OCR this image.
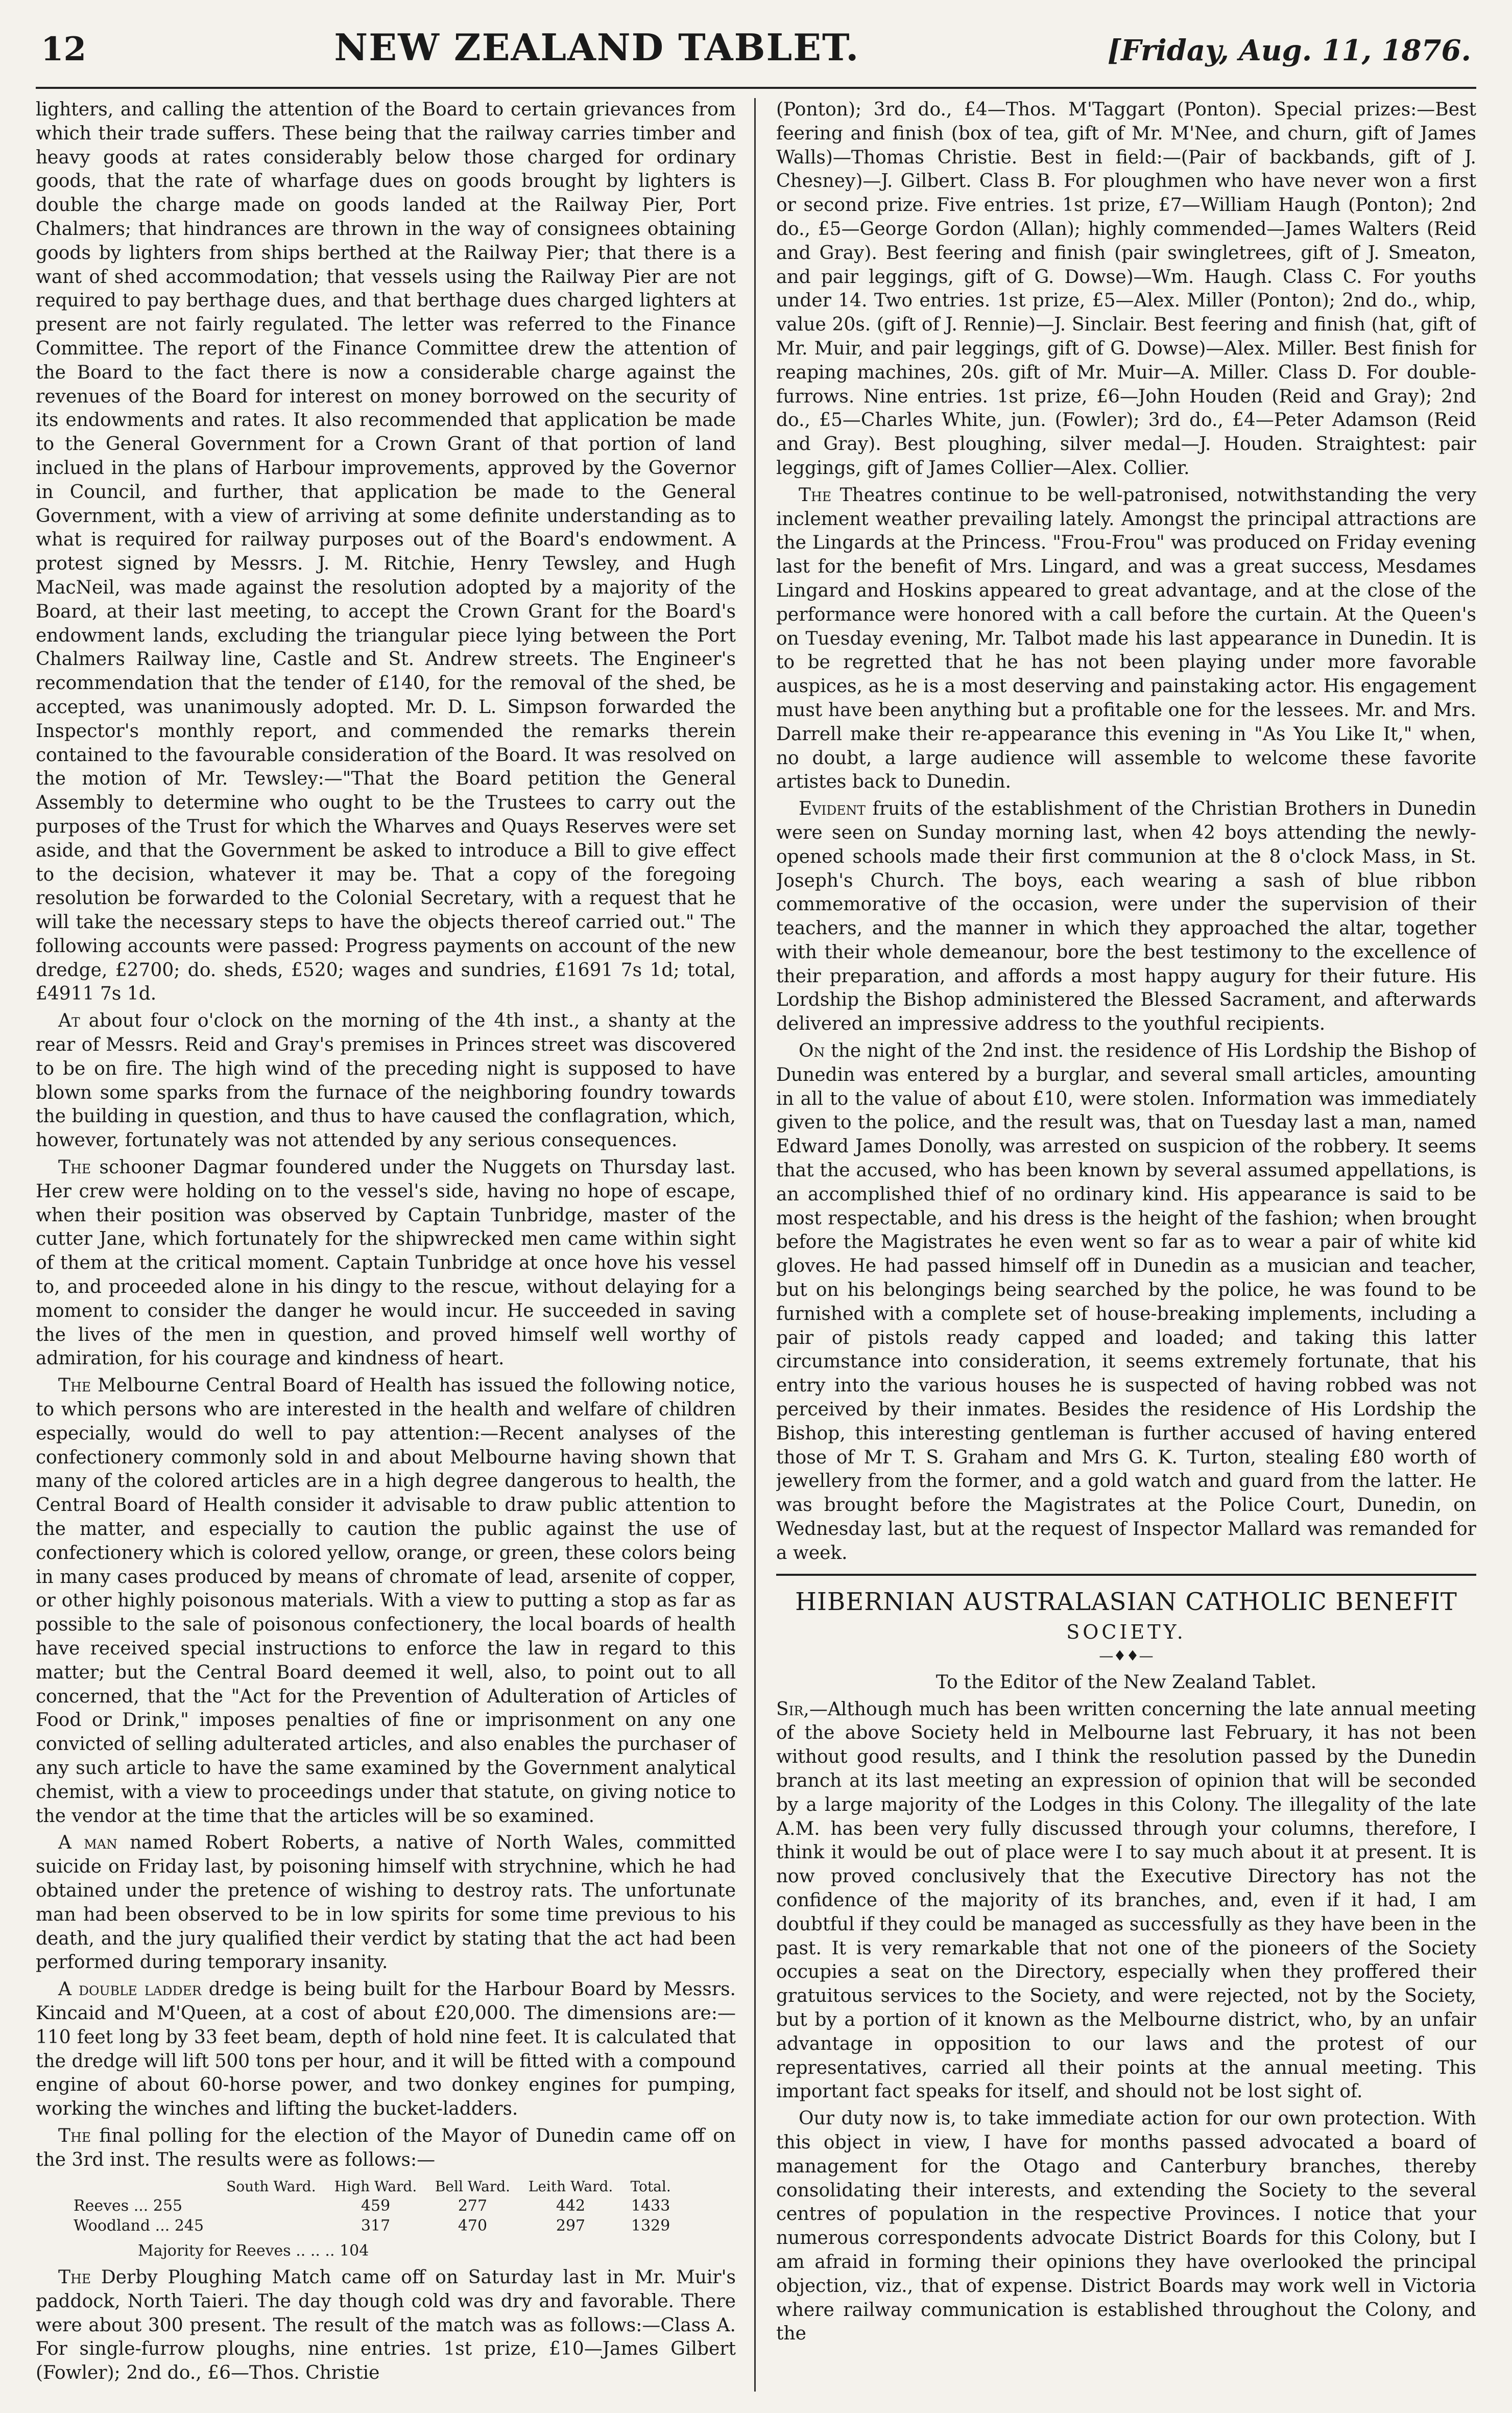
12	NEW ZEALAND TABLET.	[Friday, Aug. 11, 1876.

lighters, and calling the attention of the Board to certain grievances from which their trade suffers. These being that the railway carries timber and heavy goods at rates considerably below those charged for ordinary goods, that the rate of wharfage dues on goods brought by lighters is double the charge made on goods landed at the Railway Pier, Port Chalmers; that hindrances are thrown in the way of consignees obtaining goods by lighters from ships berthed at the Railway Pier; that there is a want of shed accommodation; that vessels using the Railway Pier are not required to pay berthage dues, and that berthage dues charged lighters at present are not fairly regulated. The letter was referred to the Finance Committee. The report of the Finance Committee drew the attention of the Board to the fact there is now a considerable charge against the revenues of the Board for interest on money borrowed on the security of its endowments and rates. It also recommended that application be made to the General Government for a Crown Grant of that portion of land inclued in the plans of Harbour improvements, approved by the Governor in Council, and further, that application be made to the General Government, with a view of arriving at some definite understanding as to what is required for railway purposes out of the Board's endowment. A protest signed by Messrs. J. M. Ritchie, Henry Tewsley, and Hugh MacNeil, was made against the resolution adopted by a majority of the Board, at their last meeting, to accept the Crown Grant for the Board's endowment lands, excluding the triangular piece lying between the Port Chalmers Railway line, Castle and St. Andrew streets. The Engineer's recommendation that the tender of £140, for the removal of the shed, be accepted, was unanimously adopted. Mr. D. L. Simpson forwarded the Inspector's monthly report, and commended the remarks therein contained to the favourable consideration of the Board. It was resolved on the motion of Mr. Tewsley:—"That the Board petition the General Assembly to determine who ought to be the Trustees to carry out the purposes of the Trust for which the Wharves and Quays Reserves were set aside, and that the Government be asked to introduce a Bill to give effect to the decision, whatever it may be. That a copy of the foregoing resolution be forwarded to the Colonial Secretary, with a request that he will take the necessary steps to have the objects thereof carried out." The following accounts were passed: Progress payments on account of the new dredge, £2700; do. sheds, £520; wages and sundries, £1691 7s 1d; total, £4911 7s 1d.

At about four o'clock on the morning of the 4th inst., a shanty at the rear of Messrs. Reid and Gray's premises in Princes street was discovered to be on fire. The high wind of the preceding night is supposed to have blown some sparks from the furnace of the neighboring foundry towards the building in question, and thus to have caused the conflagration, which, however, fortunately was not attended by any serious consequences.

The schooner Dagmar foundered under the Nuggets on Thursday last. Her crew were holding on to the vessel's side, having no hope of escape, when their position was observed by Captain Tunbridge, master of the cutter Jane, which fortunately for the shipwrecked men came within sight of them at the critical moment. Captain Tunbridge at once hove his vessel to, and proceeded alone in his dingy to the rescue, without delaying for a moment to consider the danger he would incur. He succeeded in saving the lives of the men in question, and proved himself well worthy of admiration, for his courage and kindness of heart.

The Melbourne Central Board of Health has issued the following notice, to which persons who are interested in the health and welfare of children especially, would do well to pay attention:—Recent analyses of the confectionery commonly sold in and about Melbourne having shown that many of the colored articles are in a high degree dangerous to health, the Central Board of Health consider it advisable to draw public attention to the matter, and especially to caution the public against the use of confectionery which is colored yellow, orange, or green, these colors being in many cases produced by means of chromate of lead, arsenite of copper, or other highly poisonous materials. With a view to putting a stop as far as possible to the sale of poisonous confectionery, the local boards of health have received special instructions to enforce the law in regard to this matter; but the Central Board deemed it well, also, to point out to all concerned, that the "Act for the Prevention of Adulteration of Articles of Food or Drink," imposes penalties of fine or imprisonment on any one convicted of selling adulterated articles, and also enables the purchaser of any such article to have the same examined by the Government analytical chemist, with a view to proceedings under that statute, on giving notice to the vendor at the time that the articles will be so examined.

A man named Robert Roberts, a native of North Wales, committed suicide on Friday last, by poisoning himself with strychnine, which he had obtained under the pretence of wishing to destroy rats. The unfortunate man had been observed to be in low spirits for some time previous to his death, and the jury qualified their verdict by stating that the act had been performed during temporary insanity.

A double ladder dredge is being built for the Harbour Board by Messrs. Kincaid and M'Queen, at a cost of about £20,000. The dimensions are:—110 feet long by 33 feet beam, depth of hold nine feet. It is calculated that the dredge will lift 500 tons per hour, and it will be fitted with a compound engine of about 60-horse power, and two donkey engines for pumping, working the winches and lifting the bucket-ladders.

The final polling for the election of the Mayor of Dunedin came off on the 3rd inst. The results were as follows:—

	South Ward.	High Ward.	Bell Ward.	Leith Ward.	Total.
Reeves ... 255		459	277	442	1433
Woodland ... 245		317	470	297	1329
Majority for Reeves .. .. .. 104

The Derby Ploughing Match came off on Saturday last in Mr. Muir's paddock, North Taieri. The day though cold was dry and favorable. There were about 300 present. The result of the match was as follows:—Class A. For single-furrow ploughs, nine entries. 1st prize, £10—James Gilbert (Fowler); 2nd do., £6—Thos. Christie

(Ponton); 3rd do., £4—Thos. M'Taggart (Ponton). Special prizes:—Best feering and finish (box of tea, gift of Mr. M'Nee, and churn, gift of James Walls)—Thomas Christie. Best in field:—(Pair of backbands, gift of J. Chesney)—J. Gilbert. Class B. For ploughmen who have never won a first or second prize. Five entries. 1st prize, £7—William Haugh (Ponton); 2nd do., £5—George Gordon (Allan); highly commended—James Walters (Reid and Gray). Best feering and finish (pair swingletrees, gift of J. Smeaton, and pair leggings, gift of G. Dowse)—Wm. Haugh. Class C. For youths under 14. Two entries. 1st prize, £5—Alex. Miller (Ponton); 2nd do., whip, value 20s. (gift of J. Rennie)—J. Sinclair. Best feering and finish (hat, gift of Mr. Muir, and pair leggings, gift of G. Dowse)—Alex. Miller. Best finish for reaping machines, 20s. gift of Mr. Muir—A. Miller. Class D. For double-furrows. Nine entries. 1st prize, £6—John Houden (Reid and Gray); 2nd do., £5—Charles White, jun. (Fowler); 3rd do., £4—Peter Adamson (Reid and Gray). Best ploughing, silver medal—J. Houden. Straightest: pair leggings, gift of James Collier—Alex. Collier.

The Theatres continue to be well-patronised, notwithstanding the very inclement weather prevailing lately. Amongst the principal attractions are the Lingards at the Princess. "Frou-Frou" was produced on Friday evening last for the benefit of Mrs. Lingard, and was a great success, Mesdames Lingard and Hoskins appeared to great advantage, and at the close of the performance were honored with a call before the curtain. At the Queen's on Tuesday evening, Mr. Talbot made his last appearance in Dunedin. It is to be regretted that he has not been playing under more favorable auspices, as he is a most deserving and painstaking actor. His engagement must have been anything but a profitable one for the lessees. Mr. and Mrs. Darrell make their re-appearance this evening in "As You Like It," when, no doubt, a large audience will assemble to welcome these favorite artistes back to Dunedin.

Evident fruits of the establishment of the Christian Brothers in Dunedin were seen on Sunday morning last, when 42 boys attending the newly-opened schools made their first communion at the 8 o'clock Mass, in St. Joseph's Church. The boys, each wearing a sash of blue ribbon commemorative of the occasion, were under the supervision of their teachers, and the manner in which they approached the altar, together with their whole demeanour, bore the best testimony to the excellence of their preparation, and affords a most happy augury for their future. His Lordship the Bishop administered the Blessed Sacrament, and afterwards delivered an impressive address to the youthful recipients.

On the night of the 2nd inst. the residence of His Lordship the Bishop of Dunedin was entered by a burglar, and several small articles, amounting in all to the value of about £10, were stolen. Information was immediately given to the police, and the result was, that on Tuesday last a man, named Edward James Donolly, was arrested on suspicion of the robbery. It seems that the accused, who has been known by several assumed appellations, is an accomplished thief of no ordinary kind. His appearance is said to be most respectable, and his dress is the height of the fashion; when brought before the Magistrates he even went so far as to wear a pair of white kid gloves. He had passed himself off in Dunedin as a musician and teacher, but on his belongings being searched by the police, he was found to be furnished with a complete set of house-breaking implements, including a pair of pistols ready capped and loaded; and taking this latter circumstance into consideration, it seems extremely fortunate, that his entry into the various houses he is suspected of having robbed was not perceived by their inmates. Besides the residence of His Lordship the Bishop, this interesting gentleman is further accused of having entered those of Mr T. S. Graham and Mrs G. K. Turton, stealing £80 worth of jewellery from the former, and a gold watch and guard from the latter. He was brought before the Magistrates at the Police Court, Dunedin, on Wednesday last, but at the request of Inspector Mallard was remanded for a week.

HIBERNIAN AUSTRALASIAN CATHOLIC BENEFIT
SOCIETY.
—♦♦—

To the Editor of the New Zealand Tablet.

Sir,—Although much has been written concerning the late annual meeting of the above Society held in Melbourne last February, it has not been without good results, and I think the resolution passed by the Dunedin branch at its last meeting an expression of opinion that will be seconded by a large majority of the Lodges in this Colony. The illegality of the late A.M. has been very fully discussed through your columns, therefore, I think it would be out of place were I to say much about it at present. It is now proved conclusively that the Executive Directory has not the confidence of the majority of its branches, and, even if it had, I am doubtful if they could be managed as successfully as they have been in the past. It is very remarkable that not one of the pioneers of the Society occupies a seat on the Directory, especially when they proffered their gratuitous services to the Society, and were rejected, not by the Society, but by a portion of it known as the Melbourne district, who, by an unfair advantage in opposition to our laws and the protest of our representatives, carried all their points at the annual meeting. This important fact speaks for itself, and should not be lost sight of.

Our duty now is, to take immediate action for our own protection. With this object in view, I have for months passed advocated a board of management for the Otago and Canterbury branches, thereby consolidating their interests, and extending the Society to the several centres of population in the respective Provinces. I notice that your numerous correspondents advocate District Boards for this Colony, but I am afraid in forming their opinions they have overlooked the principal objection, viz., that of expense. District Boards may work well in Victoria where railway communication is established throughout the Colony, and the
